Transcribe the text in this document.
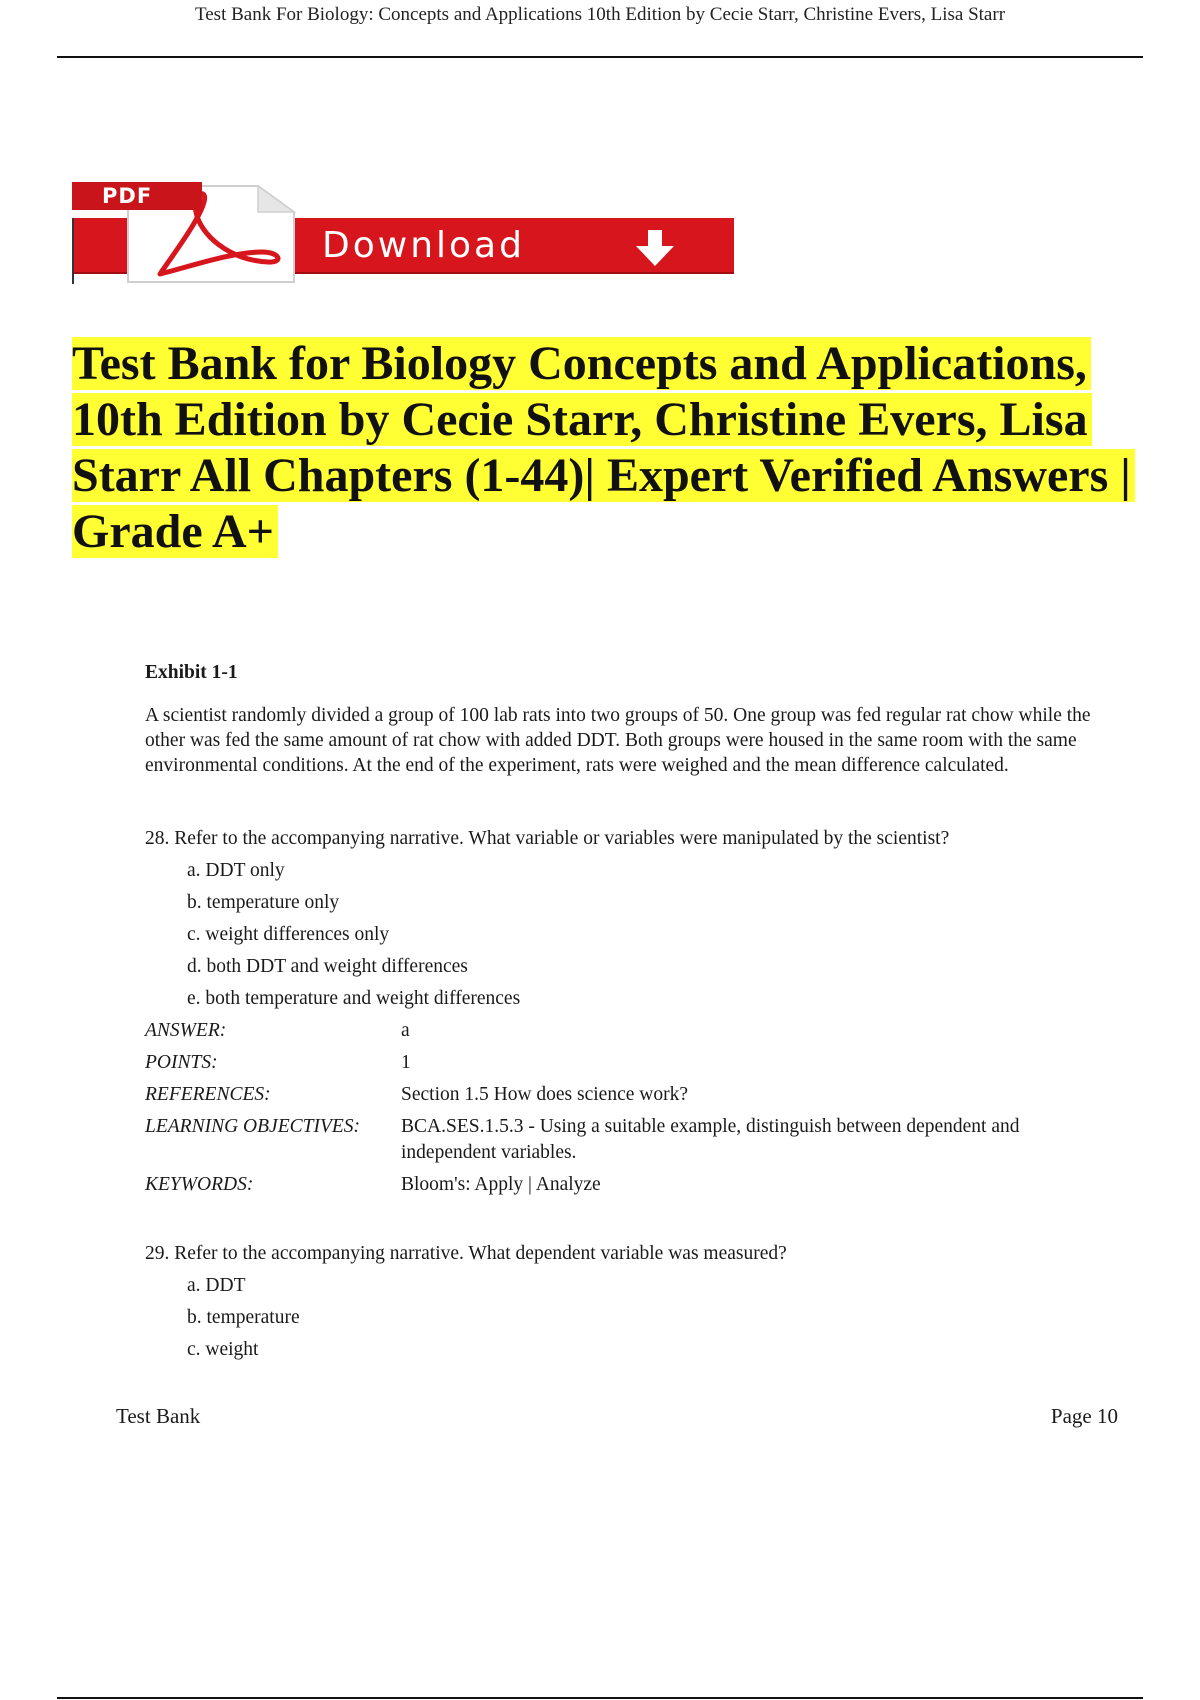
Test Bank For Biology: Concepts and Applications 10th Edition by Cecie Starr, Christine Evers, Lisa Starr
PDF
Download
Test Bank for Biology Concepts and Applications, 10th Edition by Cecie Starr, Christine Evers, Lisa Starr All Chapters (1-44)| Expert Verified Answers | Grade A+
Exhibit 1-1

A scientist randomly divided a group of 100 lab rats into two groups of 50. One group was fed regular rat chow while the other was fed the same amount of rat chow with added DDT. Both groups were housed in the same room with the same environmental conditions. At the end of the experiment, rats were weighed and the mean difference calculated.

28. Refer to the accompanying narrative. What variable or variables were manipulated by the scientist?
a. DDT only
b. temperature only
c. weight differences only
d. both DDT and weight differences
e. both temperature and weight differences
ANSWER:	a
POINTS:	1
REFERENCES:	Section 1.5 How does science work?
LEARNING OBJECTIVES:	BCA.SES.1.5.3 - Using a suitable example, distinguish between dependent and independent variables.
KEYWORDS:	Bloom's: Apply | Analyze
29. Refer to the accompanying narrative. What dependent variable was measured?
a. DDT
b. temperature
c. weight
Test Bank	Page 10
